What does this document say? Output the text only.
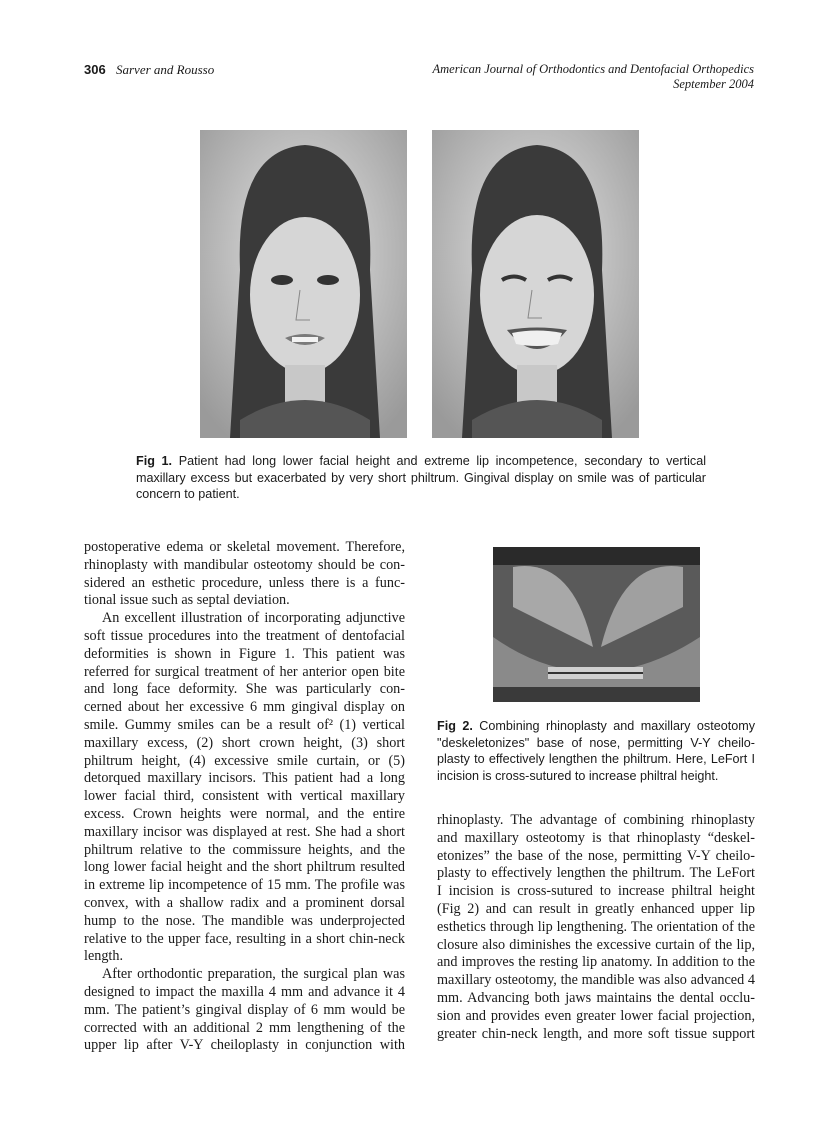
306 Sarver and Rousso	American Journal of Orthodontics and Dentofacial Orthopedics
September 2004
Fig 1. Patient had long lower facial height and extreme lip incompetence, secondary to vertical maxillary excess but exacerbated by very short philtrum. Gingival display on smile was of particular concern to patient.
Fig 2. Combining rhinoplasty and maxillary osteotomy "deskeletonizes" base of nose, permitting V-Y cheilo- plasty to effectively lengthen the philtrum. Here, LeFort I incision is cross-sutured to increase philtral height.
postoperative edema or skeletal movement. Therefore,
rhinoplasty with mandibular osteotomy should be con-
sidered an esthetic procedure, unless there is a func-
tional issue such as septal deviation.
An excellent illustration of incorporating adjunctive
soft tissue procedures into the treatment of dentofacial
deformities is shown in Figure 1. This patient was
referred for surgical treatment of her anterior open bite
and long face deformity. She was particularly con-
cerned about her excessive 6 mm gingival display on
smile. Gummy smiles can be a result of² (1) vertical
maxillary excess, (2) short crown height, (3) short
philtrum height, (4) excessive smile curtain, or (5)
detorqued maxillary incisors. This patient had a long
lower facial third, consistent with vertical maxillary
excess. Crown heights were normal, and the entire
maxillary incisor was displayed at rest. She had a short
philtrum relative to the commissure heights, and the
long lower facial height and the short philtrum resulted
in extreme lip incompetence of 15 mm. The profile was
convex, with a shallow radix and a prominent dorsal
hump to the nose. The mandible was underprojected
relative to the upper face, resulting in a short chin-neck
length.
After orthodontic preparation, the surgical plan was
designed to impact the maxilla 4 mm and advance it 4
mm. The patient’s gingival display of 6 mm would be
corrected with an additional 2 mm lengthening of the
upper lip after V-Y cheiloplasty in conjunction with
rhinoplasty. The advantage of combining rhinoplasty
and maxillary osteotomy is that rhinoplasty “deskel-
etonizes” the base of the nose, permitting V-Y cheilo-
plasty to effectively lengthen the philtrum. The LeFort
I incision is cross-sutured to increase philtral height
(Fig 2) and can result in greatly enhanced upper lip
esthetics through lip lengthening. The orientation of the
closure also diminishes the excessive curtain of the lip,
and improves the resting lip anatomy. In addition to the
maxillary osteotomy, the mandible was also advanced 4
mm. Advancing both jaws maintains the dental occlu-
sion and provides even greater lower facial projection,
greater chin-neck length, and more soft tissue support
